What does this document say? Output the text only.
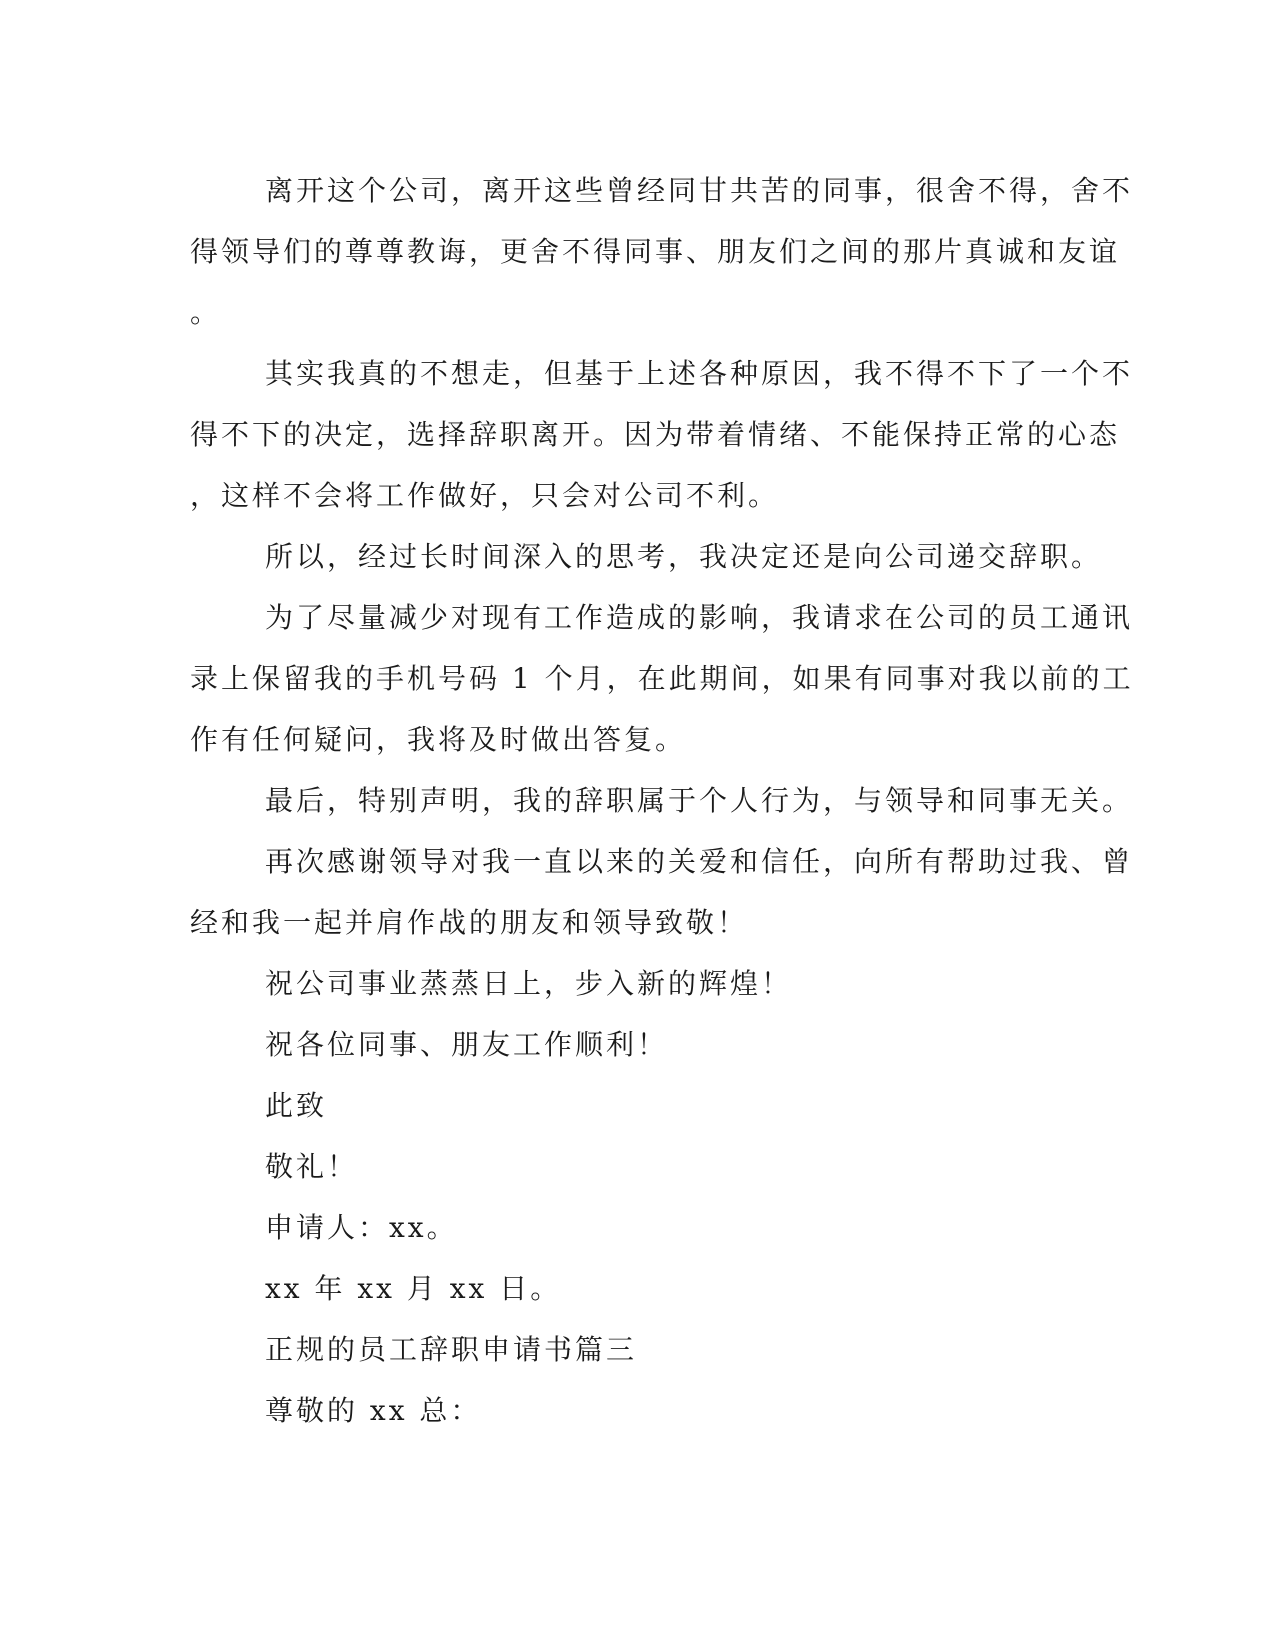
离开这个公司，离开这些曾经同甘共苦的同事，很舍不得，舍不
得领导们的尊尊教诲，更舍不得同事、朋友们之间的那片真诚和友谊
。
其实我真的不想走，但基于上述各种原因，我不得不下了一个不
得不下的决定，选择辞职离开。因为带着情绪、不能保持正常的心态
，这样不会将工作做好，只会对公司不利。
所以，经过长时间深入的思考，我决定还是向公司递交辞职。
为了尽量减少对现有工作造成的影响，我请求在公司的员工通讯
录上保留我的手机号码 1 个月，在此期间，如果有同事对我以前的工
作有任何疑问，我将及时做出答复。
最后，特别声明，我的辞职属于个人行为，与领导和同事无关。
再次感谢领导对我一直以来的关爱和信任，向所有帮助过我、曾
经和我一起并肩作战的朋友和领导致敬！
祝公司事业蒸蒸日上，步入新的辉煌！
祝各位同事、朋友工作顺利！
此致
敬礼！
申请人：xx。
xx 年 xx 月 xx 日。
正规的员工辞职申请书篇三
尊敬的 xx 总：
